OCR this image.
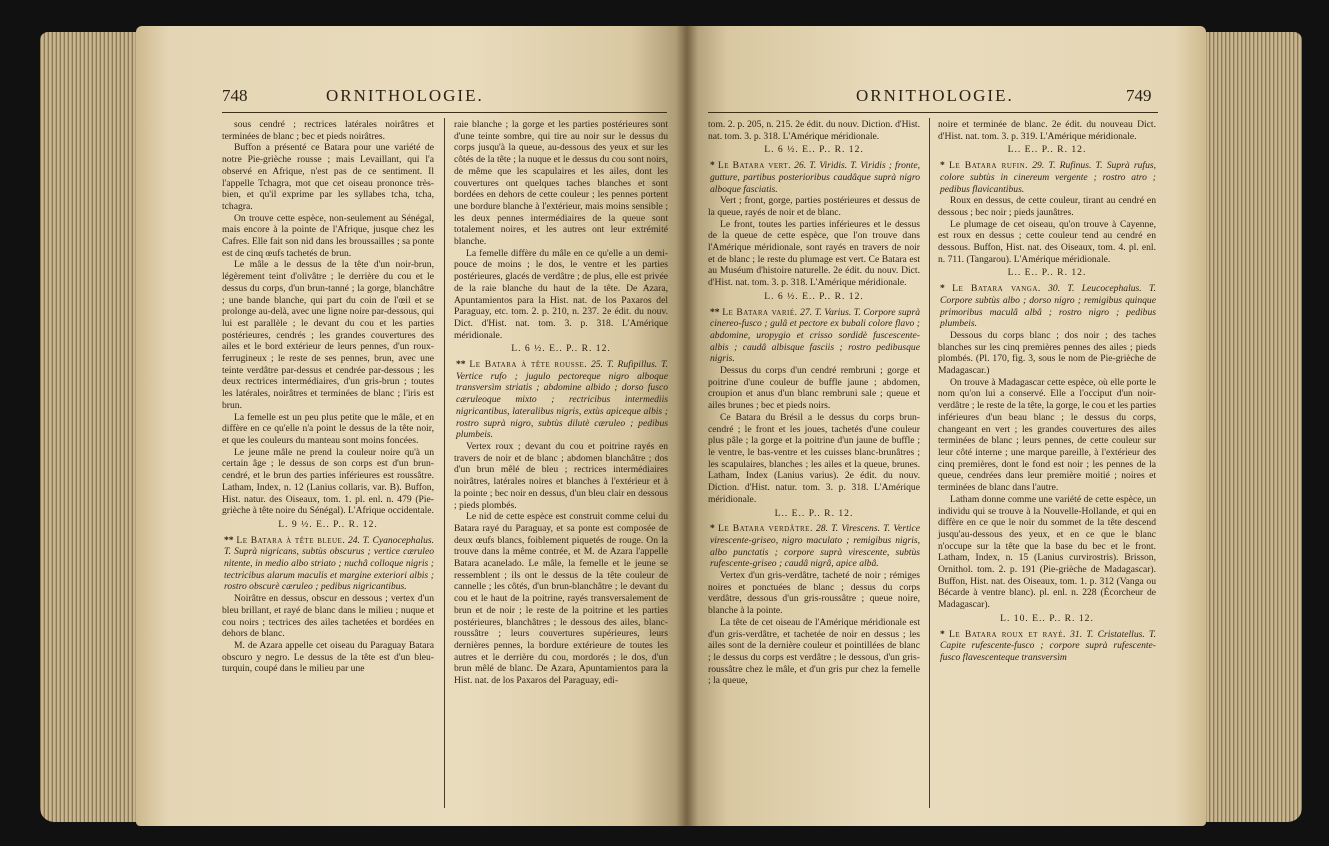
748	ORNITHOLOGIE.

sous cendré ; rectrices latérales noirâtres et terminées de blanc ; bec et pieds noirâtres.

Buffon a présenté ce Batara pour une variété de notre Pie-grièche rousse ; mais Levaillant, qui l'a observé en Afrique, n'est pas de ce sentiment. Il l'appelle Tchagra, mot que cet oiseau prononce très-bien, et qu'il exprime par les syllabes tcha, tcha, tchagra.

On trouve cette espèce, non-seulement au Sénégal, mais encore à la pointe de l'Afrique, jusque chez les Cafres. Elle fait son nid dans les broussailles ; sa ponte est de cinq œufs tachetés de brun.

Le mâle a le dessus de la tête d'un noir-brun, légèrement teint d'olivâtre ; le derrière du cou et le dessus du corps, d'un brun-tanné ; la gorge, blanchâtre ; une bande blanche, qui part du coin de l'œil et se prolonge au-delà, avec une ligne noire par-dessous, qui lui est parallèle ; le devant du cou et les parties postérieures, cendrés ; les grandes couvertures des ailes et le bord extérieur de leurs pennes, d'un roux-ferrugineux ; le reste de ses pennes, brun, avec une teinte verdâtre par-dessus et cendrée par-dessous ; les deux rectrices intermédiaires, d'un gris-brun ; toutes les latérales, noirâtres et terminées de blanc ; l'iris est brun.

La femelle est un peu plus petite que le mâle, et en diffère en ce qu'elle n'a point le dessus de la tête noir, et que les couleurs du manteau sont moins foncées.

Le jeune mâle ne prend la couleur noire qu'à un certain âge ; le dessus de son corps est d'un brun-cendré, et le brun des parties inférieures est roussâtre. Latham, Index, n. 12 (Lanius collaris, var. B). Buffon, Hist. natur. des Oiseaux, tom. 1. pl. enl. n. 479 (Pie-grièche à tête noire du Sénégal). L'Afrique occidentale.

L. 9 ½. E.. P.. R. 12.

** Le Batara à tête bleue. 24. T. Cyanocephalus. T. Suprà nigricans, subtùs obscurus ; vertice cæruleo nitente, in medio albo striato ; nuchâ colloque nigris ; tectricibus alarum maculis et margine exteriori albis ; rostro obscurè cæruleo ; pedibus nigricantibus.

Noirâtre en dessus, obscur en dessous ; vertex d'un bleu brillant, et rayé de blanc dans le milieu ; nuque et cou noirs ; tectrices des ailes tachetées et bordées en dehors de blanc.

M. de Azara appelle cet oiseau du Paraguay Batara obscuro y negro. Le dessus de la tête est d'un bleu-turquin, coupé dans le milieu par une

raie blanche ; la gorge et les parties postérieures sont d'une teinte sombre, qui tire au noir sur le dessus du corps jusqu'à la queue, au-dessous des yeux et sur les côtés de la tête ; la nuque et le dessus du cou sont noirs, de même que les scapulaires et les ailes, dont les couvertures ont quelques taches blanches et sont bordées en dehors de cette couleur ; les pennes portent une bordure blanche à l'extérieur, mais moins sensible ; les deux pennes intermédiaires de la queue sont totalement noires, et les autres ont leur extrémité blanche.

La femelle diffère du mâle en ce qu'elle a un demi-pouce de moins ; le dos, le ventre et les parties postérieures, glacés de verdâtre ; de plus, elle est privée de la raie blanche du haut de la tête. De Azara, Apuntamientos para la Hist. nat. de los Paxaros del Paraguay, etc. tom. 2. p. 210, n. 237. 2e édit. du nouv. Dict. d'Hist. nat. tom. 3. p. 318. L'Amérique méridionale.

L. 6 ½. E.. P.. R. 12.

** Le Batara à tête rousse. 25. T. Rufipillus. T. Vertice rufo ; jugulo pectoreque nigro alboque transversìm striatis ; abdomine albido ; dorso fusco cæruleoque mixto ; rectricibus intermediis nigricantibus, lateralibus nigris, extùs apiceque albis ; rostro suprà nigro, subtùs dilutè cæruleo ; pedibus plumbeis.

Vertex roux ; devant du cou et poitrine rayés en travers de noir et de blanc ; abdomen blanchâtre ; dos d'un brun mêlé de bleu ; rectrices intermédiaires noirâtres, latérales noires et blanches à l'extérieur et à la pointe ; bec noir en dessus, d'un bleu clair en dessous ; pieds plombés.

Le nid de cette espèce est construit comme celui du Batara rayé du Paraguay, et sa ponte est composée de deux œufs blancs, foiblement piquetés de rouge. On la trouve dans la même contrée, et M. de Azara l'appelle Batara acanelado. Le mâle, la femelle et le jeune se ressemblent ; ils ont le dessus de la tête couleur de cannelle ; les côtés, d'un brun-blanchâtre ; le devant du cou et le haut de la poitrine, rayés transversalement de brun et de noir ; le reste de la poitrine et les parties postérieures, blanchâtres ; le dessous des ailes, blanc-roussâtre ; leurs couvertures supérieures, leurs dernières pennes, la bordure extérieure de toutes les autres et le derrière du cou, mordorés ; le dos, d'un brun mêlé de blanc. De Azara, Apuntamientos para la Hist. nat. de los Paxaros del Paraguay, edi-

ORNITHOLOGIE.	749

tom. 2. p. 205, n. 215. 2e édit. du nouv. Diction. d'Hist. nat. tom. 3. p. 318. L'Amérique méridionale.

L. 6 ½. E.. P.. R. 12.

* Le Batara vert. 26. T. Viridis. T. Viridis ; fronte, gutture, partibus posterioribus caudâque suprà nigro alboque fasciatis.

Vert ; front, gorge, parties postérieures et dessus de la queue, rayés de noir et de blanc.

Le front, toutes les parties inférieures et le dessus de la queue de cette espèce, que l'on trouve dans l'Amérique méridionale, sont rayés en travers de noir et de blanc ; le reste du plumage est vert. Ce Batara est au Muséum d'histoire naturelle. 2e édit. du nouv. Dict. d'Hist. nat. tom. 3. p. 318. L'Amérique méridionale.

L. 6 ½. E.. P.. R. 12.

** Le Batara varié. 27. T. Varius. T. Corpore suprà cinereo-fusco ; gulâ et pectore ex bubali colore flavo ; abdomine, uropygio et crisso sordidè fuscescente-albis ; caudâ albisque fasciis ; rostro pedibusque nigris.

Dessus du corps d'un cendré rembruni ; gorge et poitrine d'une couleur de buffle jaune ; abdomen, croupion et anus d'un blanc rembruni sale ; queue et ailes brunes ; bec et pieds noirs.

Ce Batara du Brésil a le dessus du corps brun-cendré ; le front et les joues, tachetés d'une couleur plus pâle ; la gorge et la poitrine d'un jaune de buffle ; le ventre, le bas-ventre et les cuisses blanc-brunâtres ; les scapulaires, blanches ; les ailes et la queue, brunes. Latham, Index (Lanius varius). 2e édit. du nouv. Diction. d'Hist. natur. tom. 3. p. 318. L'Amérique méridionale.

L.. E.. P.. R. 12.

* Le Batara verdâtre. 28. T. Virescens. T. Vertice virescente-griseo, nigro maculato ; remigibus nigris, albo punctatis ; corpore suprà virescente, subtùs rufescente-griseo ; caudâ nigrâ, apice albâ.

Vertex d'un gris-verdâtre, tacheté de noir ; rémiges noires et ponctuées de blanc ; dessus du corps verdâtre, dessous d'un gris-roussâtre ; queue noire, blanche à la pointe.

La tête de cet oiseau de l'Amérique méridionale est d'un gris-verdâtre, et tachetée de noir en dessus ; les ailes sont de la dernière couleur et pointillées de blanc ; le dessus du corps est verdâtre ; le dessous, d'un gris-roussâtre chez le mâle, et d'un gris pur chez la femelle ; la queue,

noire et terminée de blanc. 2e édit. du nouveau Dict. d'Hist. nat. tom. 3. p. 319. L'Amérique méridionale.

L.. E.. P.. R. 12.

* Le Batara rufin. 29. T. Rufinus. T. Suprà rufus, colore subtùs in cinereum vergente ; rostro atro ; pedibus flavicantibus.

Roux en dessus, de cette couleur, tirant au cendré en dessous ; bec noir ; pieds jaunâtres.

Le plumage de cet oiseau, qu'on trouve à Cayenne, est roux en dessus ; cette couleur tend au cendré en dessous. Buffon, Hist. nat. des Oiseaux, tom. 4. pl. enl. n. 711. (Tangarou). L'Amérique méridionale.

L.. E.. P.. R. 12.

* Le Batara vanga. 30. T. Leucocephalus. T. Corpore subtùs albo ; dorso nigro ; remigibus quinque primoribus maculâ albâ ; rostro nigro ; pedibus plumbeis.

Dessous du corps blanc ; dos noir ; des taches blanches sur les cinq premières pennes des ailes ; pieds plombés. (Pl. 170, fig. 3, sous le nom de Pie-grièche de Madagascar.)

On trouve à Madagascar cette espèce, où elle porte le nom qu'on lui a conservé. Elle a l'occiput d'un noir-verdâtre ; le reste de la tête, la gorge, le cou et les parties inférieures d'un beau blanc ; le dessus du corps, changeant en vert ; les grandes couvertures des ailes terminées de blanc ; leurs pennes, de cette couleur sur leur côté interne ; une marque pareille, à l'extérieur des cinq premières, dont le fond est noir ; les pennes de la queue, cendrées dans leur première moitié ; noires et terminées de blanc dans l'autre.

Latham donne comme une variété de cette espèce, un individu qui se trouve à la Nouvelle-Hollande, et qui en diffère en ce que le noir du sommet de la tête descend jusqu'au-dessous des yeux, et en ce que le blanc n'occupe sur la tête que la base du bec et le front. Latham, Index, n. 15 (Lanius curvirostris). Brisson, Ornithol. tom. 2. p. 191 (Pie-grièche de Madagascar). Buffon, Hist. nat. des Oiseaux, tom. 1. p. 312 (Vanga ou Bécarde à ventre blanc). pl. enl. n. 228 (Écorcheur de Madagascar).

L. 10. E.. P.. R. 12.

* Le Batara roux et rayé. 31. T. Cristatellus. T. Capite rufescente-fusco ; corpore suprà rufescente-fusco flavescenteque transversìm
